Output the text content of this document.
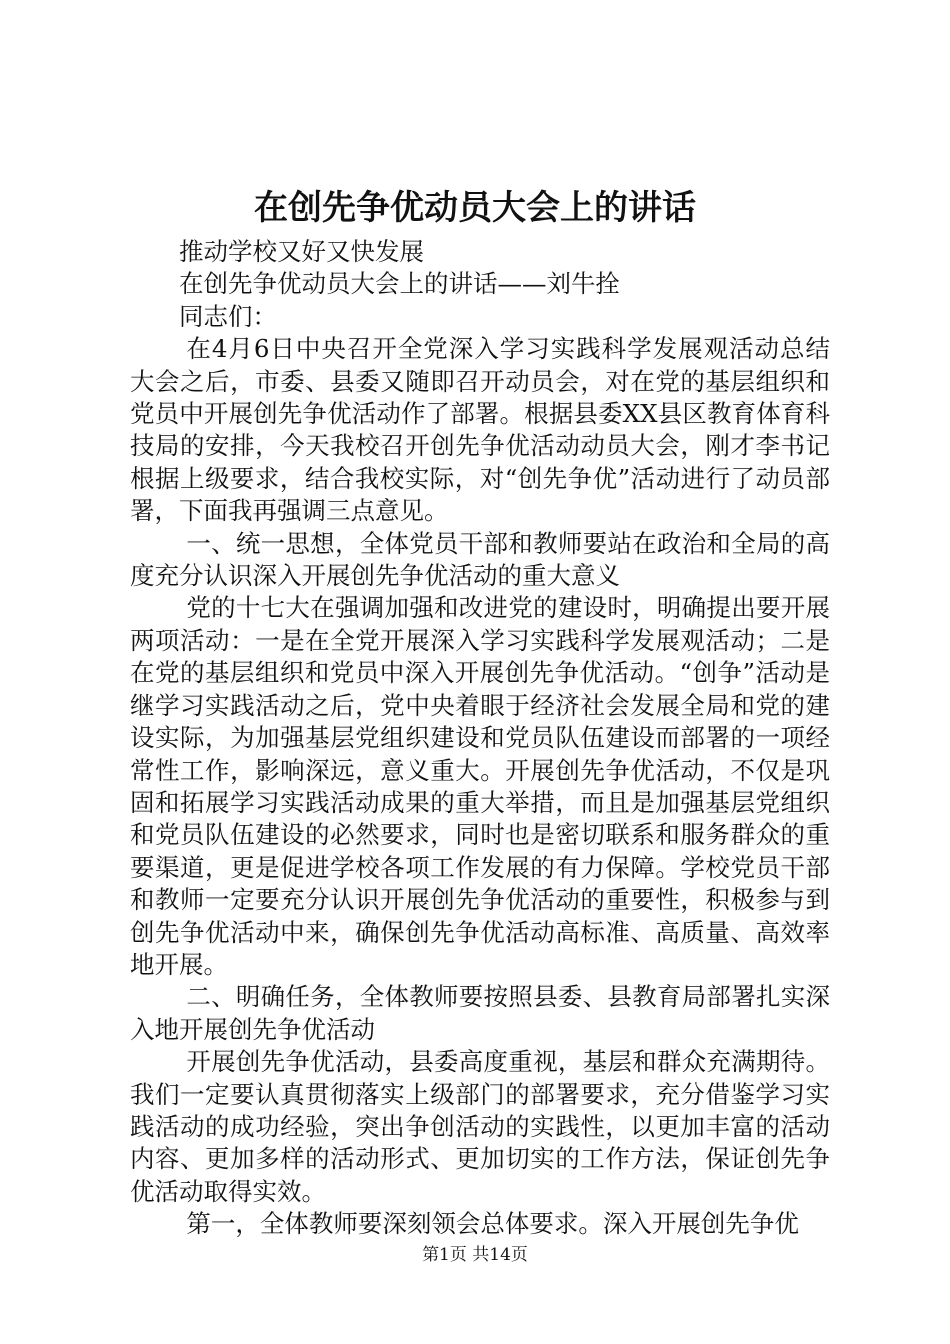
在创先争优动员大会上的讲话

推动学校又好又快发展

在创先争优动员大会上的讲话——刘牛拴

同志们：

在4月6日中央召开全党深入学习实践科学发展观活动总结大会之后，市委、县委又随即召开动员会，对在党的基层组织和党员中开展创先争优活动作了部署。根据县委XX县区教育体育科技局的安排，今天我校召开创先争优活动动员大会，刚才李书记根据上级要求，结合我校实际，对“创先争优”活动进行了动员部署，下面我再强调三点意见。

一、统一思想，全体党员干部和教师要站在政治和全局的高度充分认识深入开展创先争优活动的重大意义

党的十七大在强调加强和改进党的建设时，明确提出要开展两项活动：一是在全党开展深入学习实践科学发展观活动；二是在党的基层组织和党员中深入开展创先争优活动。“创争”活动是继学习实践活动之后，党中央着眼于经济社会发展全局和党的建设实际，为加强基层党组织建设和党员队伍建设而部署的一项经常性工作，影响深远，意义重大。开展创先争优活动，不仅是巩固和拓展学习实践活动成果的重大举措，而且是加强基层党组织和党员队伍建设的必然要求，同时也是密切联系和服务群众的重要渠道，更是促进学校各项工作发展的有力保障。学校党员干部和教师一定要充分认识开展创先争优活动的重要性，积极参与到创先争优活动中来，确保创先争优活动高标准、高质量、高效率地开展。

二、明确任务，全体教师要按照县委、县教育局部署扎实深入地开展创先争优活动

开展创先争优活动，县委高度重视，基层和群众充满期待。我们一定要认真贯彻落实上级部门的部署要求，充分借鉴学习实践活动的成功经验，突出争创活动的实践性，以更加丰富的活动内容、更加多样的活动形式、更加切实的工作方法，保证创先争优活动取得实效。

第一，全体教师要深刻领会总体要求。深入开展创先争优

第1页 共14页
